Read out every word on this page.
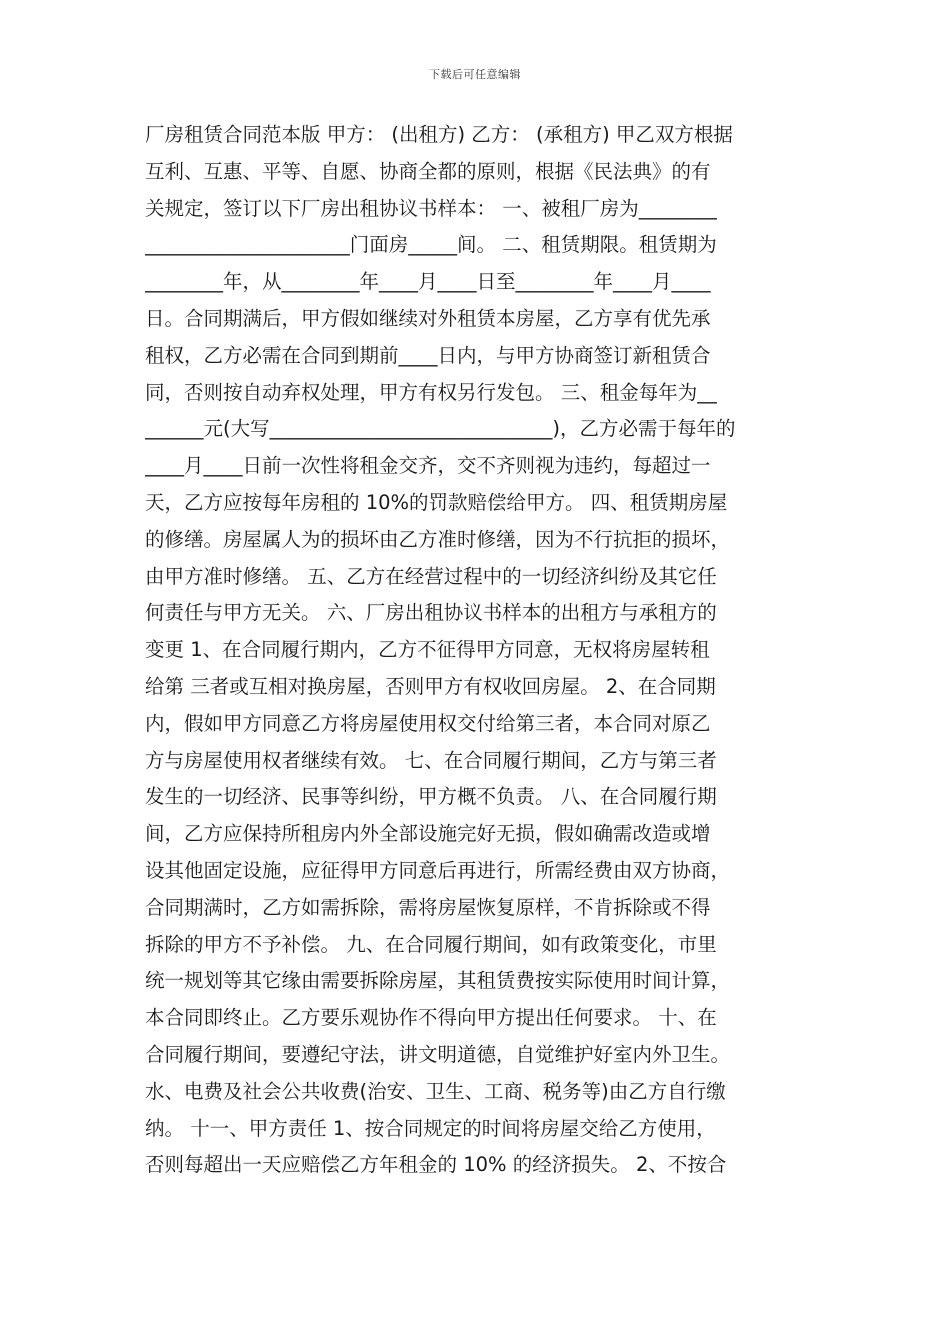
下载后可任意编辑
厂房租赁合同范本版 甲方： (出租方) 乙方： (承租方) 甲乙双方根据
互利、互惠、平等、自愿、协商全都的原则，根据《民法典》的有
关规定，签订以下厂房出租协议书样本： 一、被租厂房为________
_____________________门面房_____间。 二、租赁期限。租赁期为
________年，从________年____月____日至________年____月____
日。合同期满后，甲方假如继续对外租赁本房屋，乙方享有优先承
租权，乙方必需在合同到期前____日内，与甲方协商签订新租赁合
同，否则按自动弃权处理，甲方有权另行发包。 三、租金每年为__
______元(大写_____________________________)，乙方必需于每年的
____月____日前一次性将租金交齐，交不齐则视为违约，每超过一
天，乙方应按每年房租的 10%的罚款赔偿给甲方。 四、租赁期房屋
的修缮。房屋属人为的损坏由乙方准时修缮，因为不行抗拒的损坏，
由甲方准时修缮。 五、乙方在经营过程中的一切经济纠纷及其它任
何责任与甲方无关。 六、厂房出租协议书样本的出租方与承租方的
变更 1、在合同履行期内，乙方不征得甲方同意，无权将房屋转租
给第 三者或互相对换房屋，否则甲方有权收回房屋。 2、在合同期
内，假如甲方同意乙方将房屋使用权交付给第三者，本合同对原乙
方与房屋使用权者继续有效。 七、在合同履行期间，乙方与第三者
发生的一切经济、民事等纠纷，甲方概不负责。 八、在合同履行期
间，乙方应保持所租房内外全部设施完好无损，假如确需改造或增
设其他固定设施，应征得甲方同意后再进行，所需经费由双方协商，
合同期满时，乙方如需拆除，需将房屋恢复原样，不肯拆除或不得
拆除的甲方不予补偿。 九、在合同履行期间，如有政策变化，市里
统一规划等其它缘由需要拆除房屋，其租赁费按实际使用时间计算，
本合同即终止。乙方要乐观协作不得向甲方提出任何要求。 十、在
合同履行期间，要遵纪守法，讲文明道德，自觉维护好室内外卫生。
水、电费及社会公共收费(治安、卫生、工商、税务等)由乙方自行缴
纳。 十一、甲方责任 1、按合同规定的时间将房屋交给乙方使用，
否则每超出一天应赔偿乙方年租金的 10% 的经济损失。 2、不按合
